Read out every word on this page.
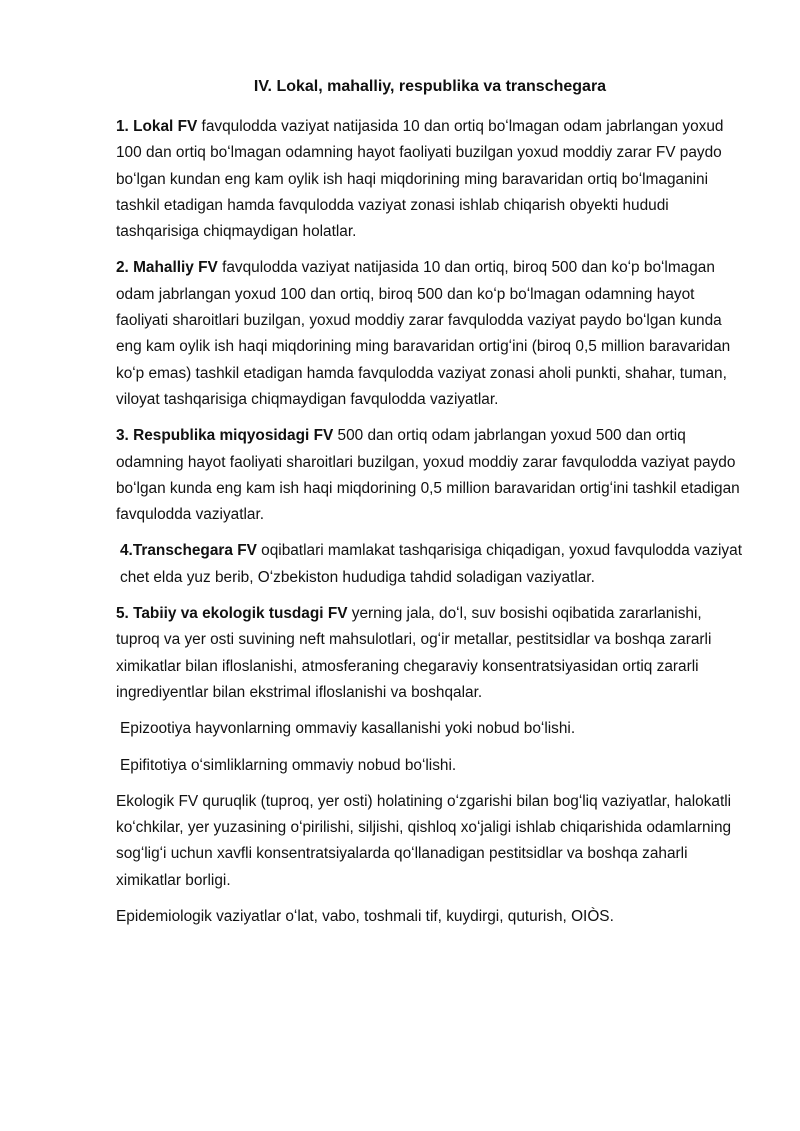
IV. Lokal, mahalliy, respublika va transchegara

1. Lokal FV favqulodda vaziyat natijasida 10 dan ortiq boʻlmagan odam jabrlangan yoxud 100 dan ortiq boʻlmagan odamning hayot faoliyati buzilgan yoxud moddiy zarar FV paydo boʻlgan kundan eng kam oylik ish haqi miqdorining ming baravaridan ortiq boʻlmaganini tashkil etadigan hamda favqulodda vaziyat zonasi ishlab chiqarish obyekti hududi tashqarisiga chiqmaydigan holatlar.

2. Mahalliy FV favqulodda vaziyat natijasida 10 dan ortiq, biroq 500 dan koʻp boʻlmagan odam jabrlangan yoxud 100 dan ortiq, biroq 500 dan koʻp boʻlmagan odamning hayot faoliyati sharoitlari buzilgan, yoxud moddiy zarar favqulodda vaziyat paydo boʻlgan kunda eng kam oylik ish haqi miqdorining ming baravaridan ortigʻini (biroq 0,5 million baravaridan koʻp emas) tashkil etadigan hamda favqulodda vaziyat zonasi aholi punkti, shahar, tuman, viloyat tashqarisiga chiqmaydigan favqulodda vaziyatlar.

3. Respublika miqyosidagi FV 500 dan ortiq odam jabrlangan yoxud 500 dan ortiq odamning hayot faoliyati sharoitlari buzilgan, yoxud moddiy zarar favqulodda vaziyat paydo boʻlgan kunda eng kam ish haqi miqdorining 0,5 million baravaridan ortigʻini tashkil etadigan favqulodda vaziyatlar.

4.Transchegara FV oqibatlari mamlakat tashqarisiga chiqadigan, yoxud favqulodda vaziyat chet elda yuz berib, Oʻzbekiston hududiga tahdid soladigan vaziyatlar.

5. Tabiiy va ekologik tusdagi FV yerning jala, doʻl, suv bosishi oqibatida zararlanishi, tuproq va yer osti suvining neft mahsulotlari, ogʻir metallar, pestitsidlar va boshqa zararli ximikatlar bilan ifloslanishi, atmosferaning chegaraviy konsentratsiyasidan ortiq zararli ingrediyentlar bilan ekstrimal ifloslanishi va boshqalar.

Epizootiya hayvonlarning ommaviy kasallanishi yoki nobud boʻlishi.

Epifitotiya oʻsimliklarning ommaviy nobud boʻlishi.

Ekologik FV quruqlik (tuproq, yer osti) holatining oʻzgarishi bilan bogʻliq vaziyatlar, halokatli koʻchkilar, yer yuzasining oʻpirilishi, siljishi, qishloq xoʻjaligi ishlab chiqarishida odamlarning sogʻligʻi uchun xavfli konsentratsiyalarda qoʻllanadigan pestitsidlar va boshqa zaharli ximikatlar borligi.

Epidemiologik vaziyatlar oʻlat, vabo, toshmali tif, kuydirgi, quturish, OIÒS.
